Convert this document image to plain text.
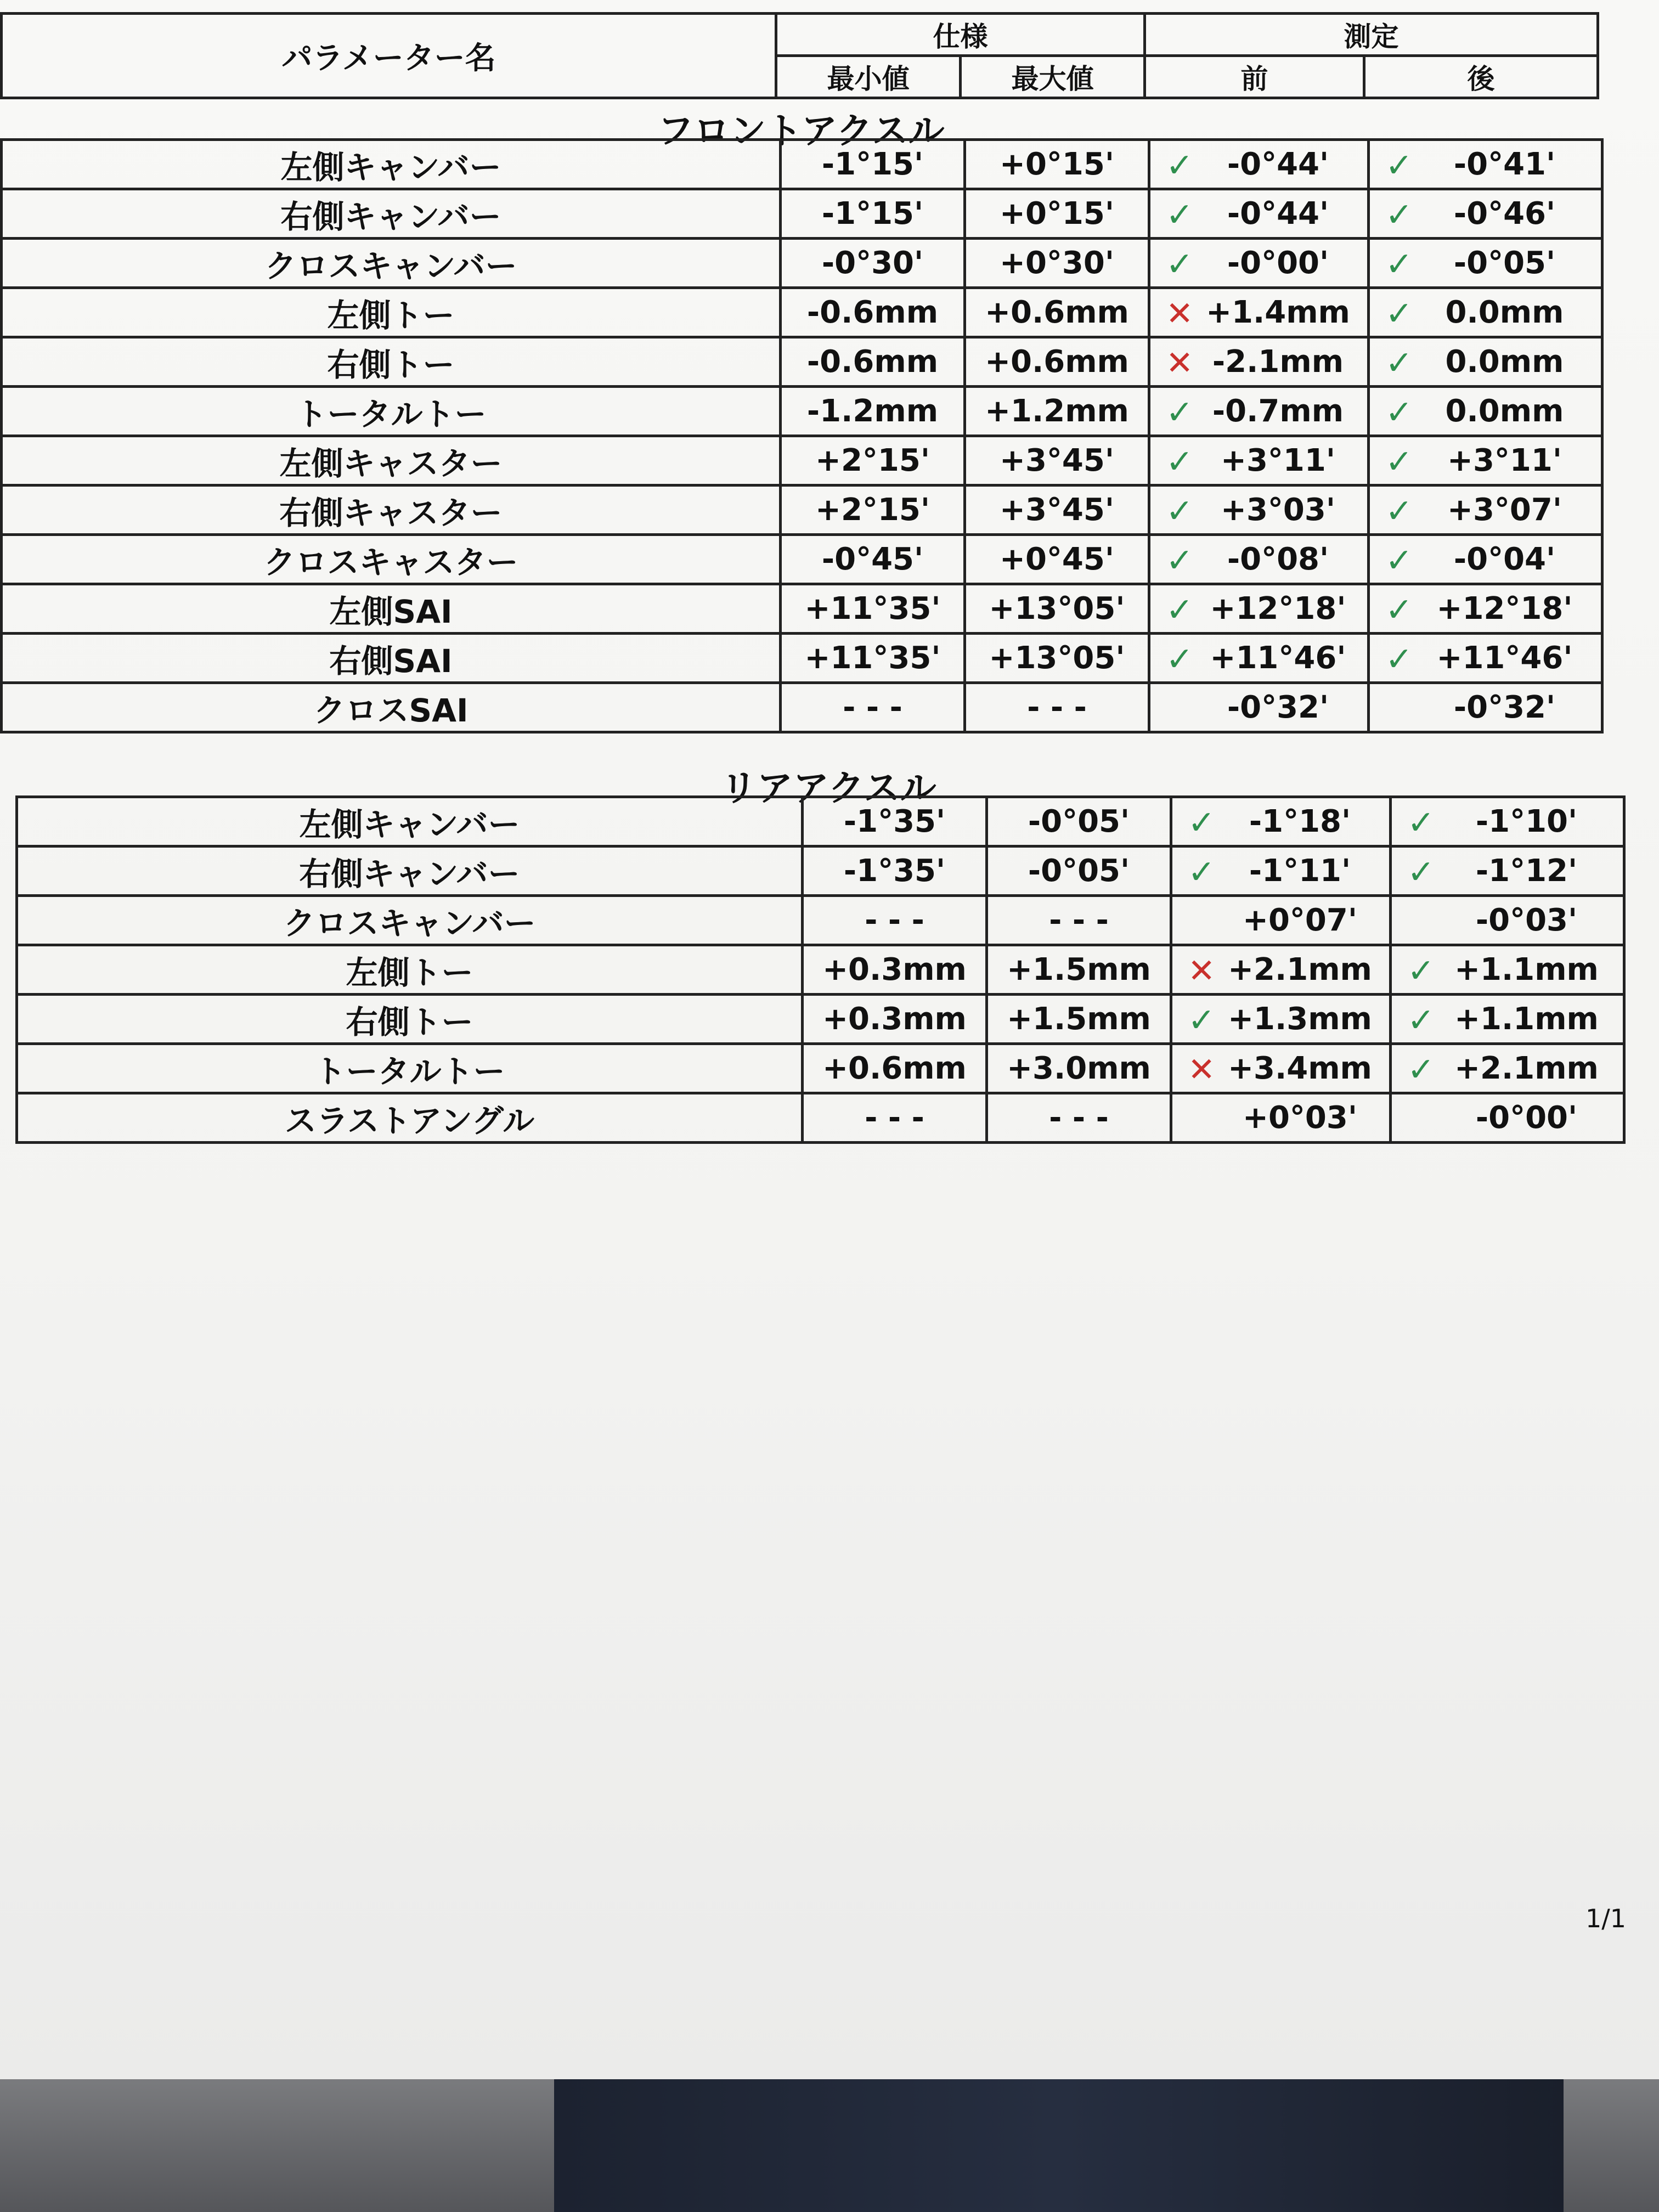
パラメーター名	仕様		測定	
	最小値	最大値	前	後
フロントアクスル
左側キャンバー	-1°15'	+0°15'	✓ -0°44'	✓ -0°41'
右側キャンバー	-1°15'	+0°15'	✓ -0°44'	✓ -0°46'
クロスキャンバー	-0°30'	+0°30'	✓ -0°00'	✓ -0°05'
左側トー	-0.6mm	+0.6mm	✕ +1.4mm	✓ 0.0mm
右側トー	-0.6mm	+0.6mm	✕ -2.1mm	✓ 0.0mm
トータルトー	-1.2mm	+1.2mm	✓ -0.7mm	✓ 0.0mm
左側キャスター	+2°15'	+3°45'	✓ +3°11'	✓ +3°11'
右側キャスター	+2°15'	+3°45'	✓ +3°03'	✓ +3°07'
クロスキャスター	-0°45'	+0°45'	✓ -0°08'	✓ -0°04'
左側SAI	+11°35'	+13°05'	✓ +12°18'	✓ +12°18'
右側SAI	+11°35'	+13°05'	✓ +11°46'	✓ +11°46'
クロスSAI	- - -	- - -	-0°32'	-0°32'
リアアクスル
左側キャンバー	-1°35'	-0°05'	✓ -1°18'	✓ -1°10'
右側キャンバー	-1°35'	-0°05'	✓ -1°11'	✓ -1°12'
クロスキャンバー	- - -	- - -	+0°07'	-0°03'
左側トー	+0.3mm	+1.5mm	✕ +2.1mm	✓ +1.1mm
右側トー	+0.3mm	+1.5mm	✓ +1.3mm	✓ +1.1mm
トータルトー	+0.6mm	+3.0mm	✕ +3.4mm	✓ +2.1mm
スラストアングル	- - -	- - -	+0°03'	-0°00'
1/1
